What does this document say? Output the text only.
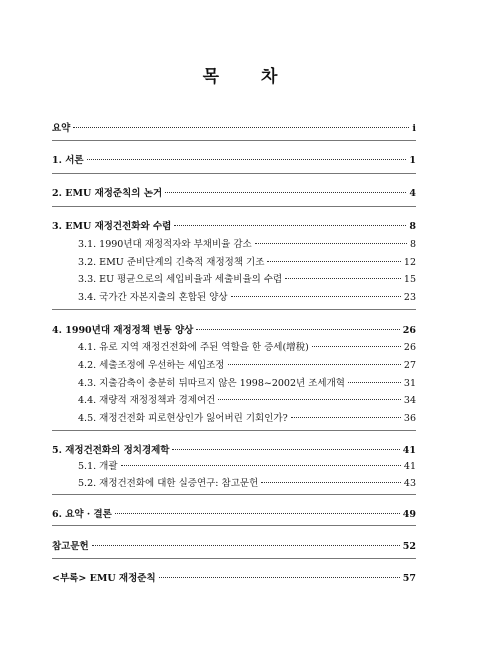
목 차
요약	i
1. 서론	1
2. EMU 재정준칙의 논거	4
3. EMU 재정건전화와 수렴	8
3.1. 1990년대 재정적자와 부채비율 감소	8
3.2. EMU 준비단계의 긴축적 재정정책 기조	12
3.3. EU 평균으로의 세입비율과 세출비율의 수렴	15
3.4. 국가간 자본지출의 혼합된 양상	23
4. 1990년대 재정정책 변동 양상	26
4.1. 유로 지역 재정건전화에 주된 역할을 한 증세(增稅)	26
4.2. 세출조정에 우선하는 세입조정	27
4.3. 지출감축이 충분히 뒤따르지 않은 1998~2002년 조세개혁	31
4.4. 재량적 재정정책과 경제여건	34
4.5. 재정건전화 피로현상인가 잃어버린 기회인가?	36
5. 재정건전화의 정치경제학	41
5.1. 개괄	41
5.2. 재정건전화에 대한 실증연구: 참고문헌	43
6. 요약 · 결론	49
참고문헌	52
<부록> EMU 재정준칙	57
